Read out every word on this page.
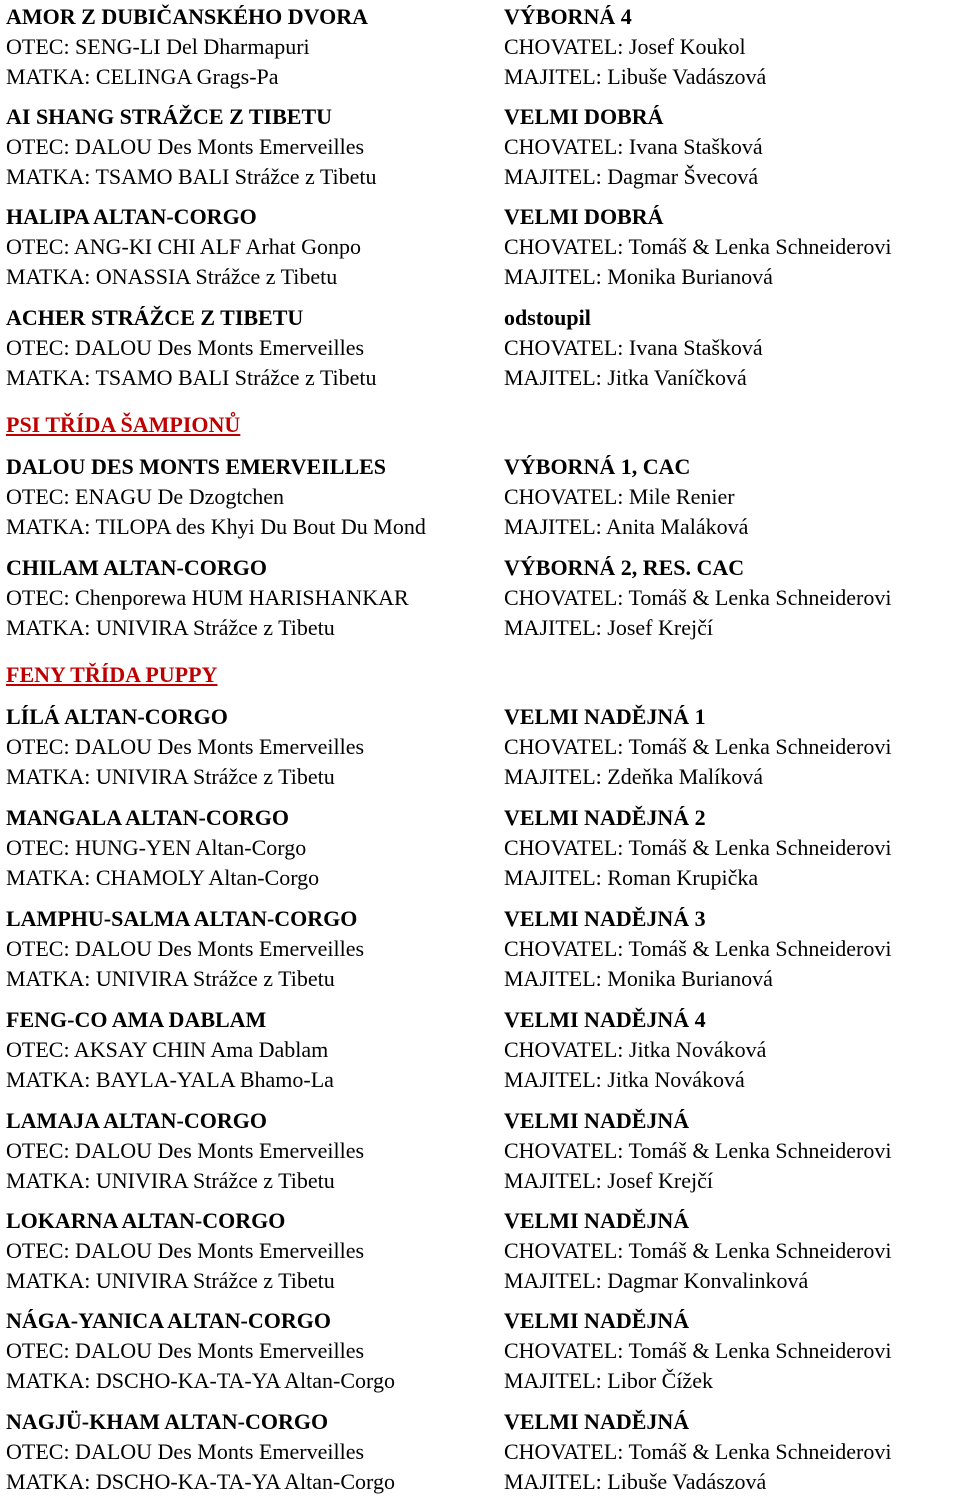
AMOR Z DUBIČANSKÉHO DVORA	VÝBORNÁ 4
OTEC: SENG-LI Del Dharmapuri	CHOVATEL: Josef Koukol
MATKA: CELINGA Grags-Pa	MAJITEL: Libuše Vadászová
AI SHANG STRÁŽCE Z TIBETU	VELMI DOBRÁ
OTEC: DALOU Des Monts Emerveilles	CHOVATEL: Ivana Stašková
MATKA: TSAMO BALI Strážce z Tibetu	MAJITEL: Dagmar Švecová
HALIPA ALTAN-CORGO	VELMI DOBRÁ
OTEC: ANG-KI CHI ALF Arhat Gonpo	CHOVATEL: Tomáš & Lenka Schneiderovi
MATKA: ONASSIA Strážce z Tibetu	MAJITEL: Monika Burianová
ACHER STRÁŽCE Z TIBETU	odstoupil
OTEC: DALOU Des Monts Emerveilles	CHOVATEL: Ivana Stašková
MATKA: TSAMO BALI Strážce z Tibetu	MAJITEL: Jitka Vaníčková
PSI TŘÍDA ŠAMPIONŮ
DALOU DES MONTS EMERVEILLES	VÝBORNÁ 1, CAC
OTEC: ENAGU De Dzogtchen	CHOVATEL: Mile Renier
MATKA: TILOPA des Khyi Du Bout Du Mond	MAJITEL: Anita Maláková
CHILAM ALTAN-CORGO	VÝBORNÁ 2, RES. CAC
OTEC: Chenporewa HUM HARISHANKAR	CHOVATEL: Tomáš & Lenka Schneiderovi
MATKA: UNIVIRA Strážce z Tibetu	MAJITEL: Josef Krejčí
FENY TŘÍDA PUPPY
LÍLÁ ALTAN-CORGO	VELMI NADĚJNÁ 1
OTEC: DALOU Des Monts Emerveilles	CHOVATEL: Tomáš & Lenka Schneiderovi
MATKA: UNIVIRA Strážce z Tibetu	MAJITEL: Zdeňka Malíková
MANGALA ALTAN-CORGO	VELMI NADĚJNÁ 2
OTEC: HUNG-YEN Altan-Corgo	CHOVATEL: Tomáš & Lenka Schneiderovi
MATKA: CHAMOLY Altan-Corgo	MAJITEL: Roman Krupička
LAMPHU-SALMA ALTAN-CORGO	VELMI NADĚJNÁ 3
OTEC: DALOU Des Monts Emerveilles	CHOVATEL: Tomáš & Lenka Schneiderovi
MATKA: UNIVIRA Strážce z Tibetu	MAJITEL: Monika Burianová
FENG-CO AMA DABLAM	VELMI NADĚJNÁ 4
OTEC: AKSAY CHIN Ama Dablam	CHOVATEL: Jitka Nováková
MATKA: BAYLA-YALA Bhamo-La	MAJITEL: Jitka Nováková
LAMAJA ALTAN-CORGO	VELMI NADĚJNÁ
OTEC: DALOU Des Monts Emerveilles	CHOVATEL: Tomáš & Lenka Schneiderovi
MATKA: UNIVIRA Strážce z Tibetu	MAJITEL: Josef Krejčí
LOKARNA ALTAN-CORGO	VELMI NADĚJNÁ
OTEC: DALOU Des Monts Emerveilles	CHOVATEL: Tomáš & Lenka Schneiderovi
MATKA: UNIVIRA Strážce z Tibetu	MAJITEL: Dagmar Konvalinková
NÁGA-YANICA ALTAN-CORGO	VELMI NADĚJNÁ
OTEC: DALOU Des Monts Emerveilles	CHOVATEL: Tomáš & Lenka Schneiderovi
MATKA: DSCHO-KA-TA-YA Altan-Corgo	MAJITEL: Libor Čížek
NAGJÜ-KHAM ALTAN-CORGO	VELMI NADĚJNÁ
OTEC: DALOU Des Monts Emerveilles	CHOVATEL: Tomáš & Lenka Schneiderovi
MATKA: DSCHO-KA-TA-YA Altan-Corgo	MAJITEL: Libuše Vadászová
